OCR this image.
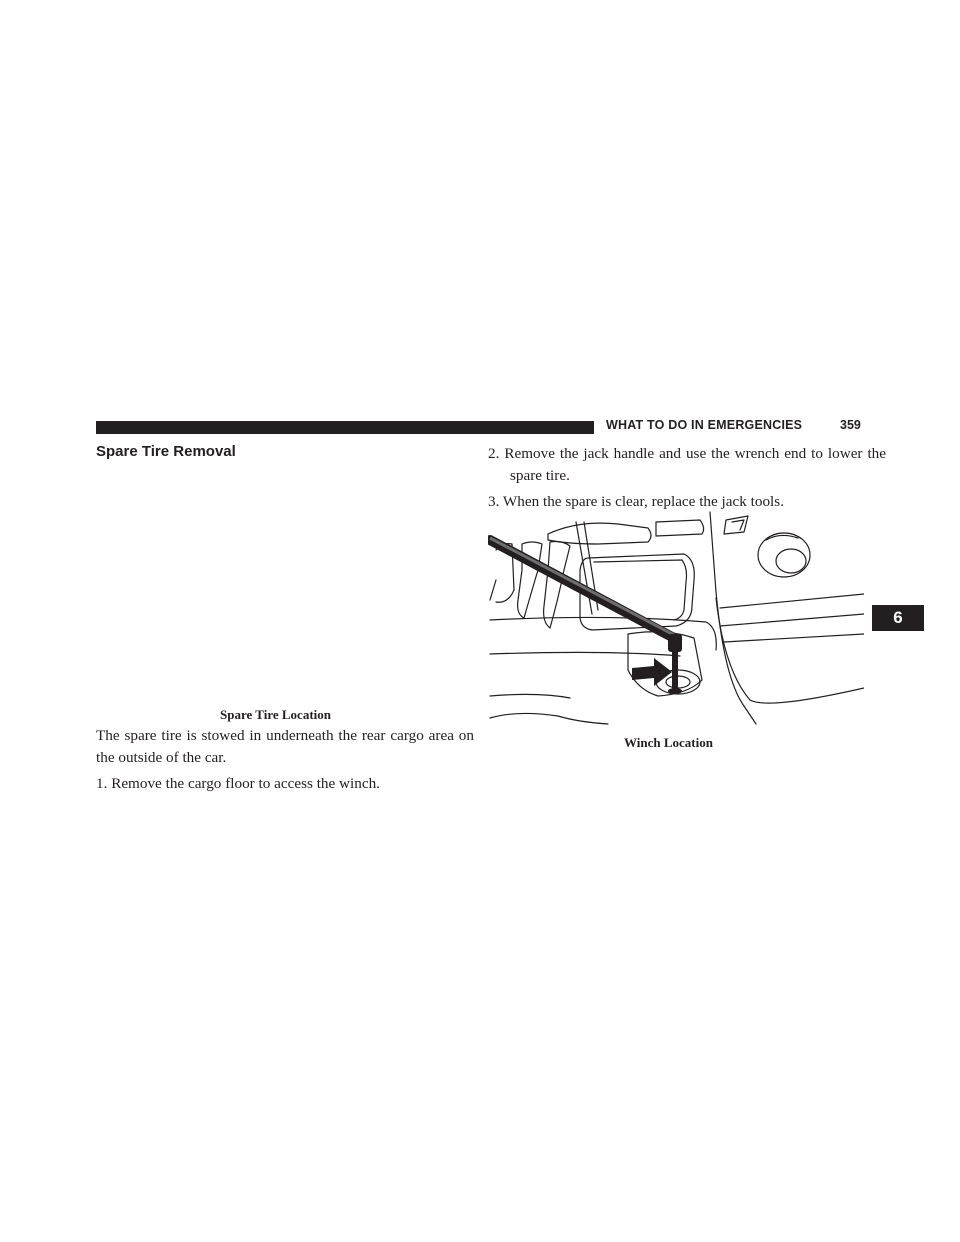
WHAT TO DO IN EMERGENCIES	359
6
Spare Tire Removal
Spare Tire Location
The spare tire is stowed in underneath the rear cargo area on the outside of the car.
1. Remove the cargo floor to access the winch.
2. Remove the jack handle and use the wrench end to lower the spare tire.
3. When the spare is clear, replace the jack tools.
Winch Location
